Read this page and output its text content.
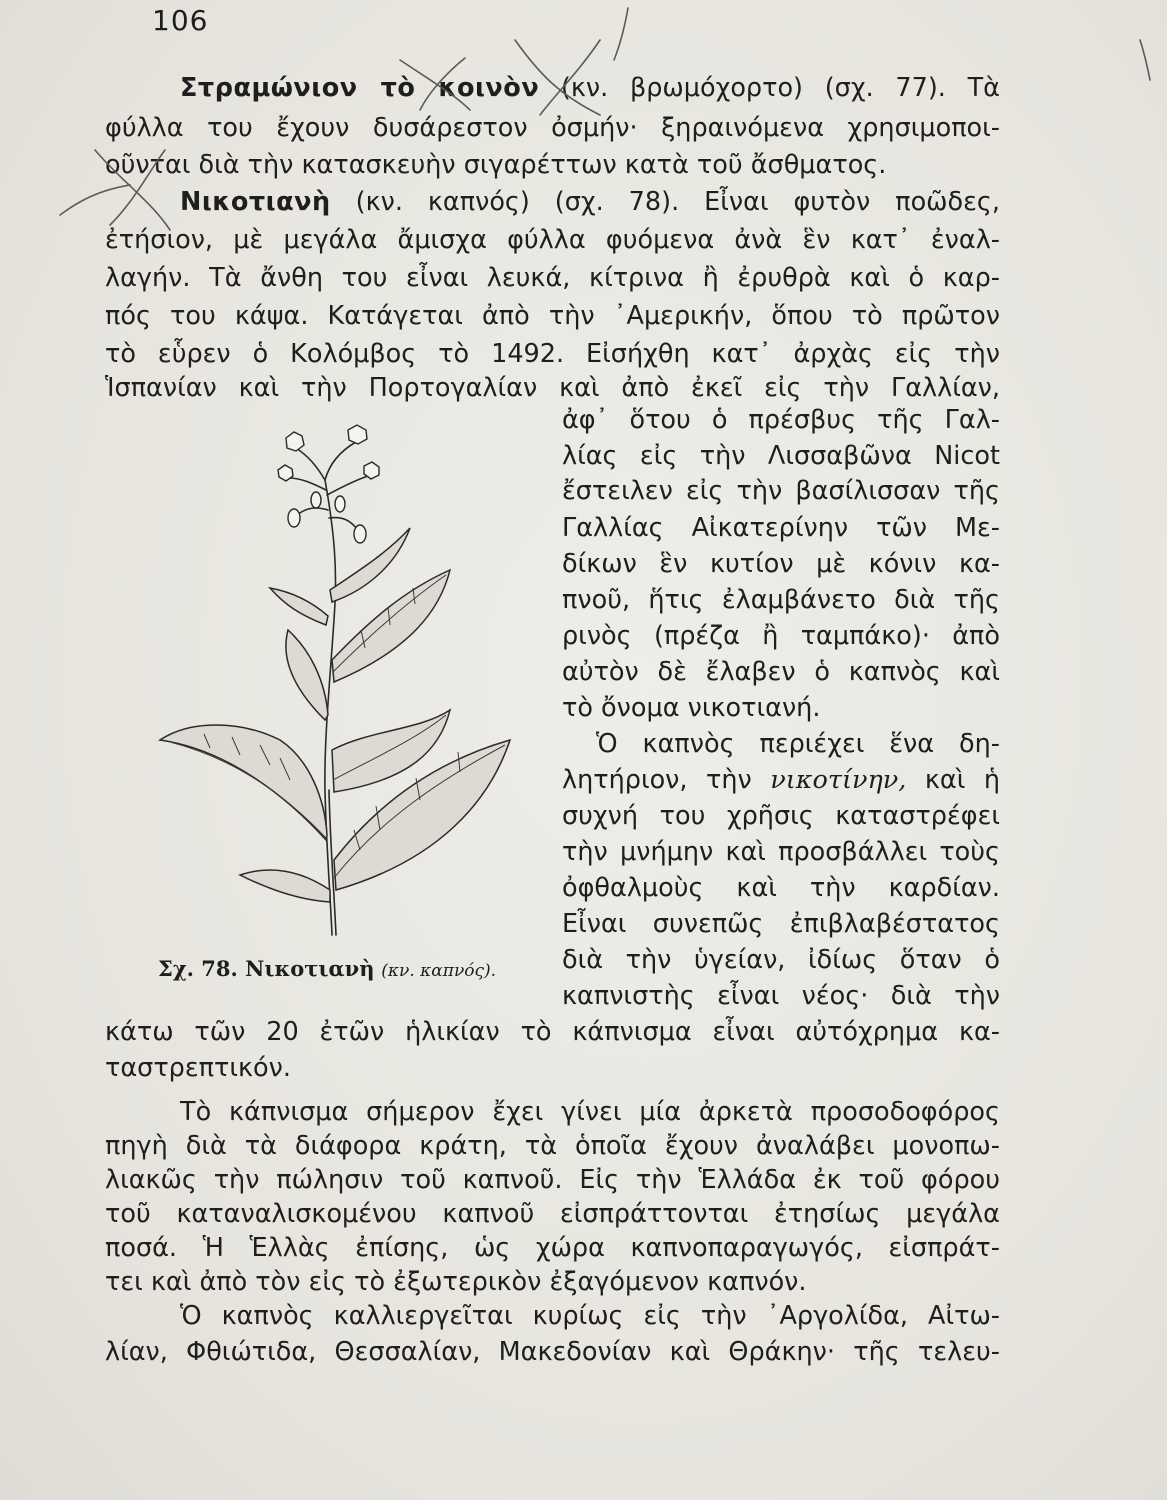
106
Στραμώνιον τὸ κοινὸν (κν. βρωμόχορτο) (σχ. 77). Τὰ
φύλλα του ἔχουν δυσάρεστον ὀσμήν· ξηραινόμενα χρησιμοποι-
οῦνται διὰ τὴν κατασκευὴν σιγαρέττων κατὰ τοῦ ἄσθματος.
Νικοτιανὴ (κν. καπνός) (σχ. 78). Εἶναι φυτὸν ποῶδες,
ἐτήσιον, μὲ μεγάλα ἄμισχα φύλλα φυόμενα ἀνὰ ἓν κατ᾽ ἐναλ-
λαγήν. Τὰ ἄνθη του εἶναι λευκά, κίτρινα ἢ ἐρυθρὰ καὶ ὁ καρ-
πός του κάψα. Κατάγεται ἀπὸ τὴν ᾽Αμερικήν, ὅπου τὸ πρῶτον
τὸ εὗρεν ὁ Κολόμβος τὸ 1492. Εἰσήχθη κατ᾽ ἀρχὰς εἰς τὴν
Ἱσπανίαν καὶ τὴν Πορτογαλίαν καὶ ἀπὸ ἐκεῖ εἰς τὴν Γαλλίαν,
ἀφ᾽ ὅτου ὁ πρέσβυς τῆς Γαλ-
λίας εἰς τὴν Λισσαβῶνα Nicot
ἔστειλεν εἰς τὴν βασίλισσαν τῆς
Γαλλίας Αἰκατερίνην τῶν Με-
δίκων ἓν κυτίον μὲ κόνιν κα-
πνοῦ, ἥτις ἐλαμβάνετο διὰ τῆς
ρινὸς (πρέζα ἢ ταμπάκο)· ἀπὸ
αὐτὸν δὲ ἔλαβεν ὁ καπνὸς καὶ
τὸ ὄνομα νικοτιανή.
Ὁ καπνὸς περιέχει ἕνα δη-
λητήριον, τὴν νικοτίνην, καὶ ἡ
συχνή του χρῆσις καταστρέφει
τὴν μνήμην καὶ προσβάλλει τοὺς
ὀφθαλμοὺς καὶ τὴν καρδίαν.
Εἶναι συνεπῶς ἐπιβλαβέστατος
διὰ τὴν ὑγείαν, ἰδίως ὅταν ὁ
καπνιστὴς εἶναι νέος· διὰ τὴν
κάτω τῶν 20 ἐτῶν ἡλικίαν τὸ κάπνισμα εἶναι αὐτόχρημα κα-
ταστρεπτικόν.
Τὸ κάπνισμα σήμερον ἔχει γίνει μία ἀρκετὰ προσοδοφόρος
πηγὴ διὰ τὰ διάφορα κράτη, τὰ ὁποῖα ἔχουν ἀναλάβει μονοπω-
λιακῶς τὴν πώλησιν τοῦ καπνοῦ. Εἰς τὴν Ἑλλάδα ἐκ τοῦ φόρου
τοῦ καταναλισκομένου καπνοῦ εἰσπράττονται ἐτησίως μεγάλα
ποσά. Ἡ Ἑλλὰς ἐπίσης, ὡς χώρα καπνοπαραγωγός, εἰσπράτ-
τει καὶ ἀπὸ τὸν εἰς τὸ ἐξωτερικὸν ἐξαγόμενον καπνόν.
Ὁ καπνὸς καλλιεργεῖται κυρίως εἰς τὴν ᾽Αργολίδα, Αἰτω-
λίαν, Φθιώτιδα, Θεσσαλίαν, Μακεδονίαν καὶ Θράκην· τῆς τελευ-
Σχ. 78. Νικοτιανὴ (κν. καπνός).
